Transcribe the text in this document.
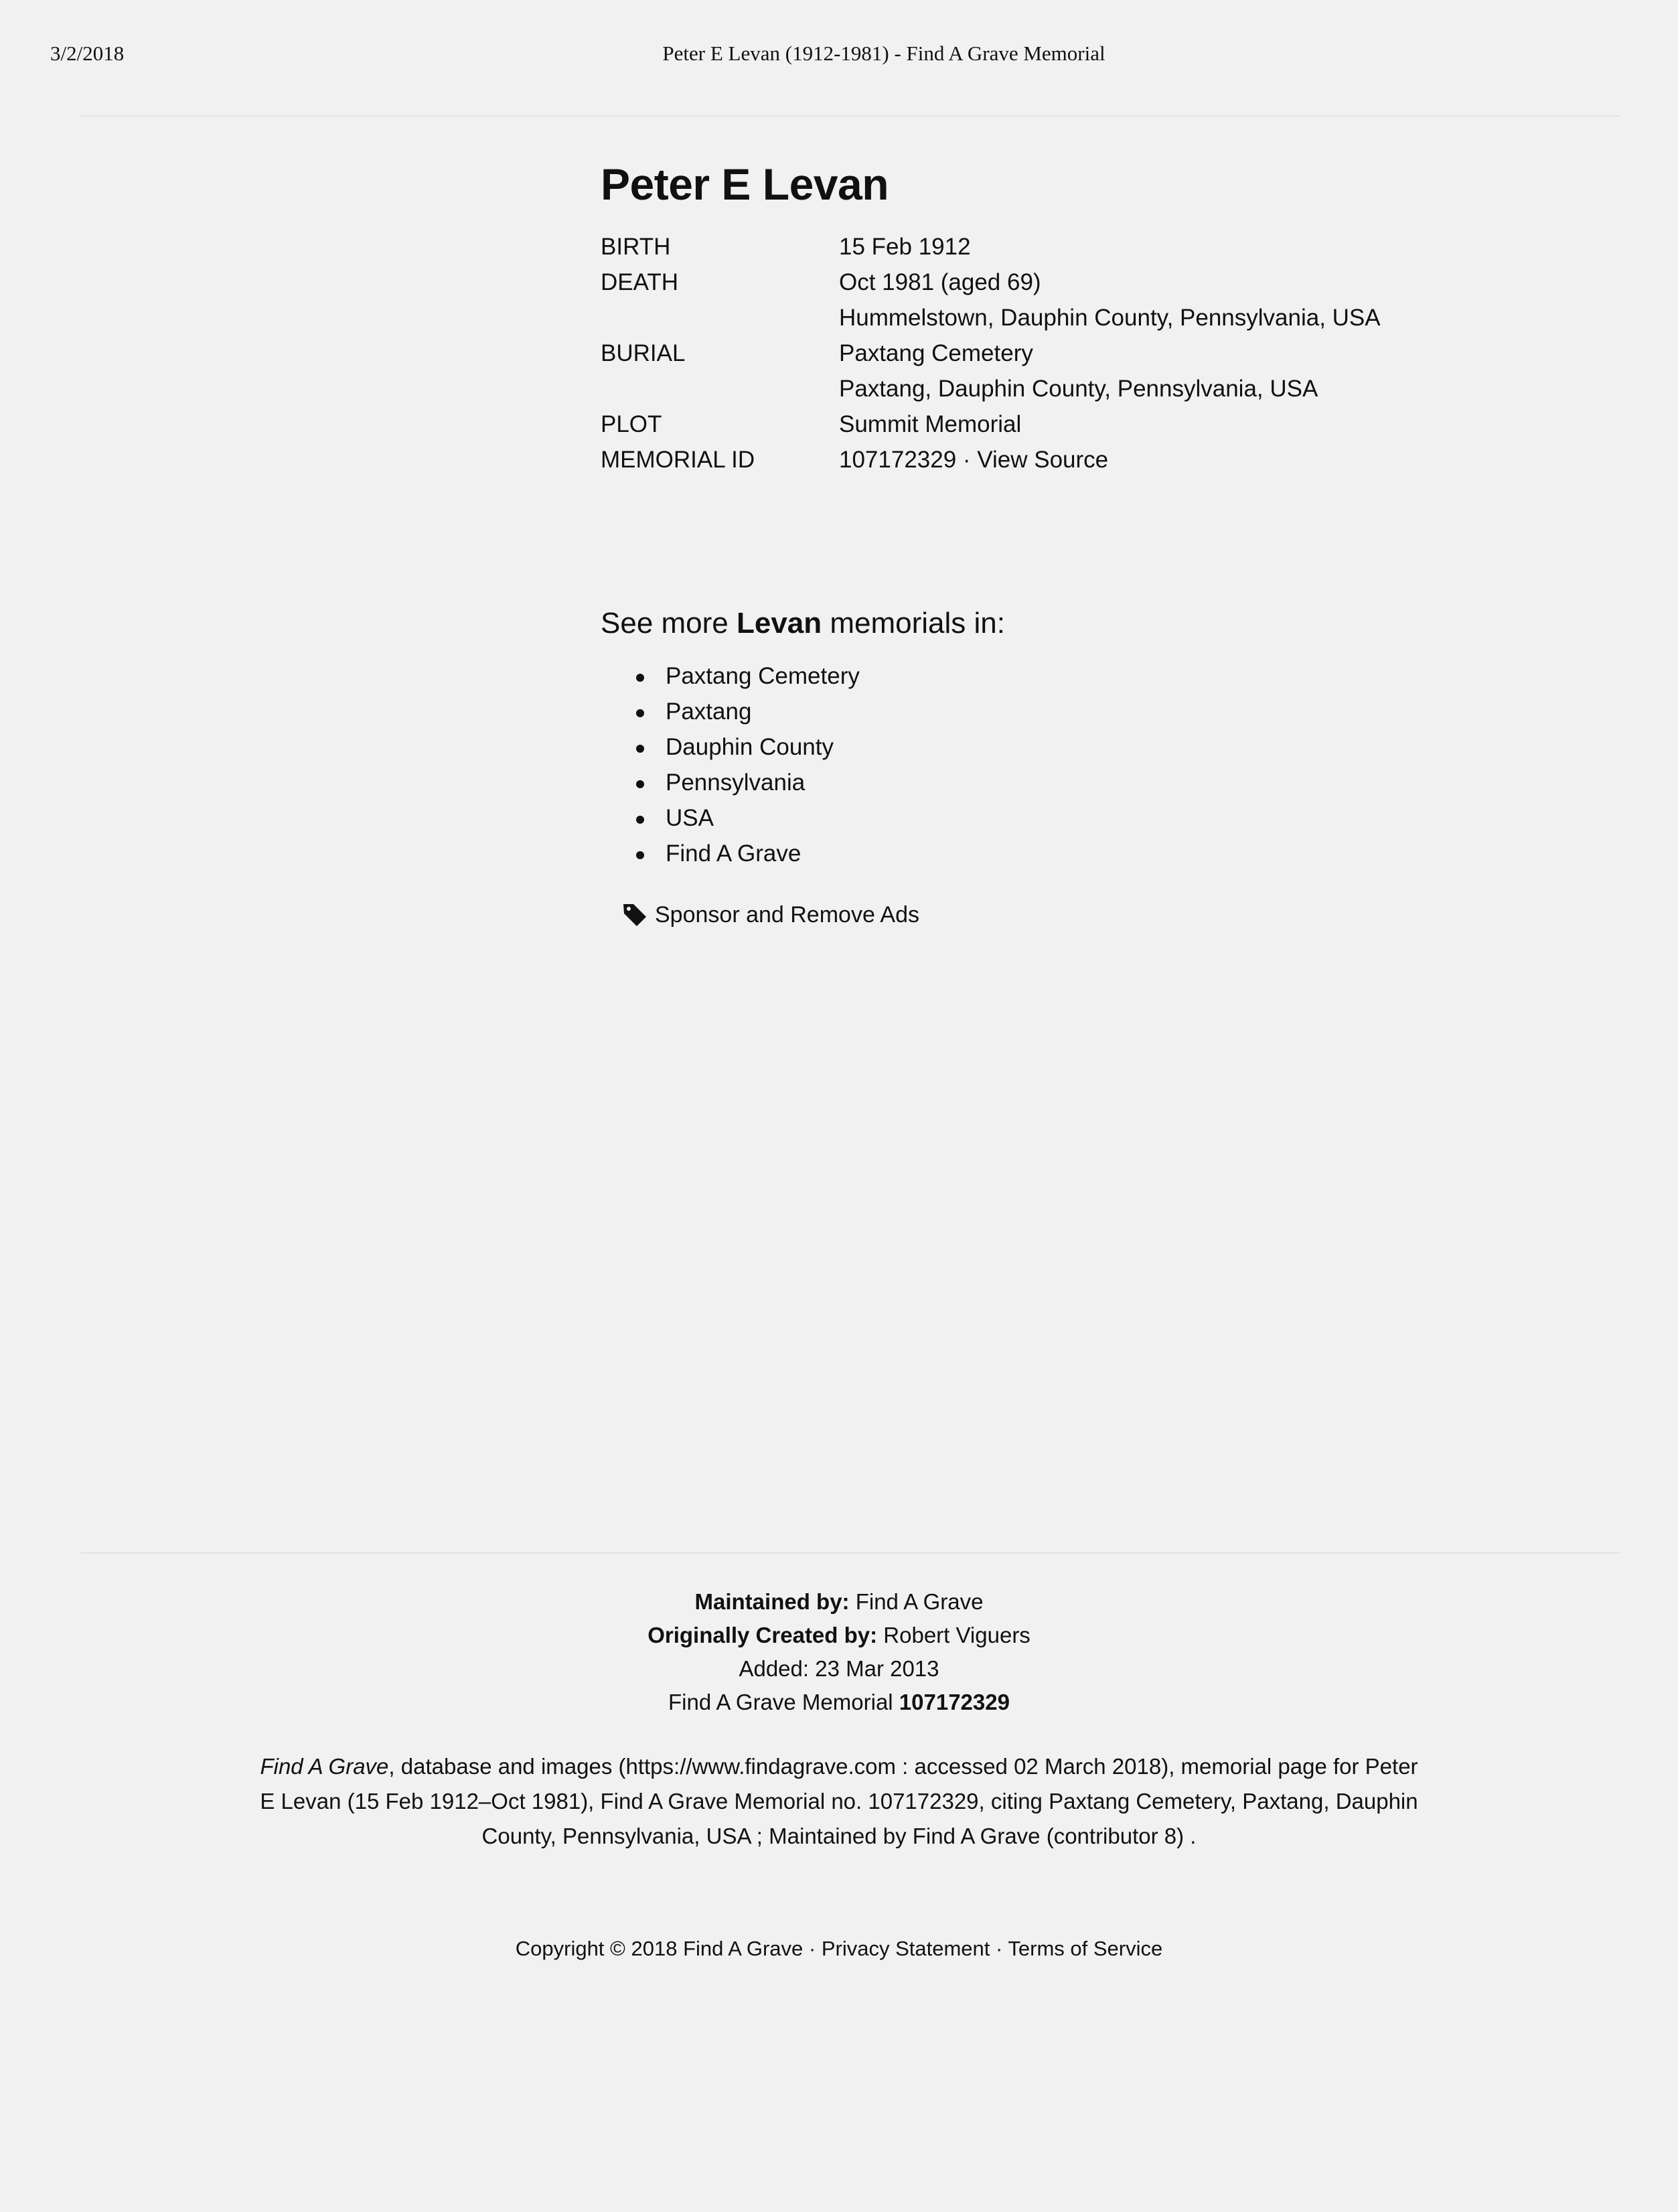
3/2/2018	Peter E Levan (1912-1981) - Find A Grave Memorial
Peter E Levan
BIRTH	15 Feb 1912
DEATH	Oct 1981 (aged 69)
Hummelstown, Dauphin County, Pennsylvania, USA
BURIAL	Paxtang Cemetery
Paxtang, Dauphin County, Pennsylvania, USA
PLOT	Summit Memorial
MEMORIAL ID	107172329 · View Source
See more Levan memorials in:
Paxtang Cemetery
Paxtang
Dauphin County
Pennsylvania
USA
Find A Grave
Sponsor and Remove Ads
Maintained by: Find A Grave
Originally Created by: Robert Viguers
Added: 23 Mar 2013
Find A Grave Memorial 107172329
Find A Grave, database and images (https://www.findagrave.com : accessed 02 March 2018), memorial page for Peter E Levan (15 Feb 1912–Oct 1981), Find A Grave Memorial no. 107172329, citing Paxtang Cemetery, Paxtang, Dauphin County, Pennsylvania, USA ; Maintained by Find A Grave (contributor 8) .
Copyright © 2018 Find A Grave · Privacy Statement · Terms of Service
